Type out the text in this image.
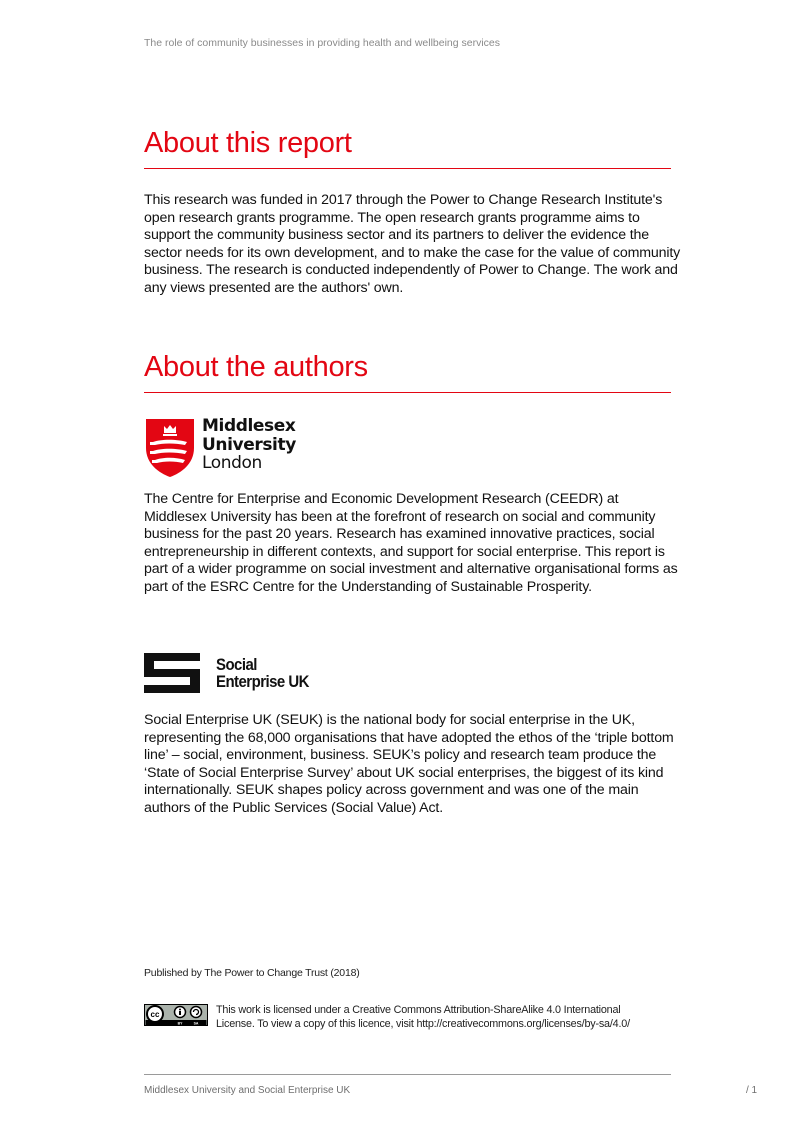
The role of community businesses in providing health and wellbeing services
About this report

This research was funded in 2017 through the Power to Change Research Institute's open research grants programme. The open research grants programme aims to support the community business sector and its partners to deliver the evidence the sector needs for its own development, and to make the case for the value of community business. The research is conducted independently of Power to Change. The work and any views presented are the authors' own.

About the authors
Middlesex
University
London

The Centre for Enterprise and Economic Development Research (CEEDR) at Middlesex University has been at the forefront of research on social and community business for the past 20 years. Research has examined innovative practices, social entrepreneurship in different contexts, and support for social enterprise. This report is part of a wider programme on social investment and alternative organisational forms as part of the ESRC Centre for the Understanding of Sustainable Prosperity.

Social
Enterprise UK

Social Enterprise UK (SEUK) is the national body for social enterprise in the UK, representing the 68,000 organisations that have adopted the ethos of the ‘triple bottom line’ – social, environment, business. SEUK’s policy and research team produce the ‘State of Social Enterprise Survey’ about UK social enterprises, the biggest of its kind internationally. SEUK shapes policy across government and was one of the main authors of the Public Services (Social Value) Act.

Published by The Power to Change Trust (2018)
cc
BY	SA
This work is licensed under a Creative Commons Attribution-ShareAlike 4.0 International
License. To view a copy of this licence, visit http://creativecommons.org/licenses/by-sa/4.0/
Middlesex University and Social Enterprise UK	/ 1
